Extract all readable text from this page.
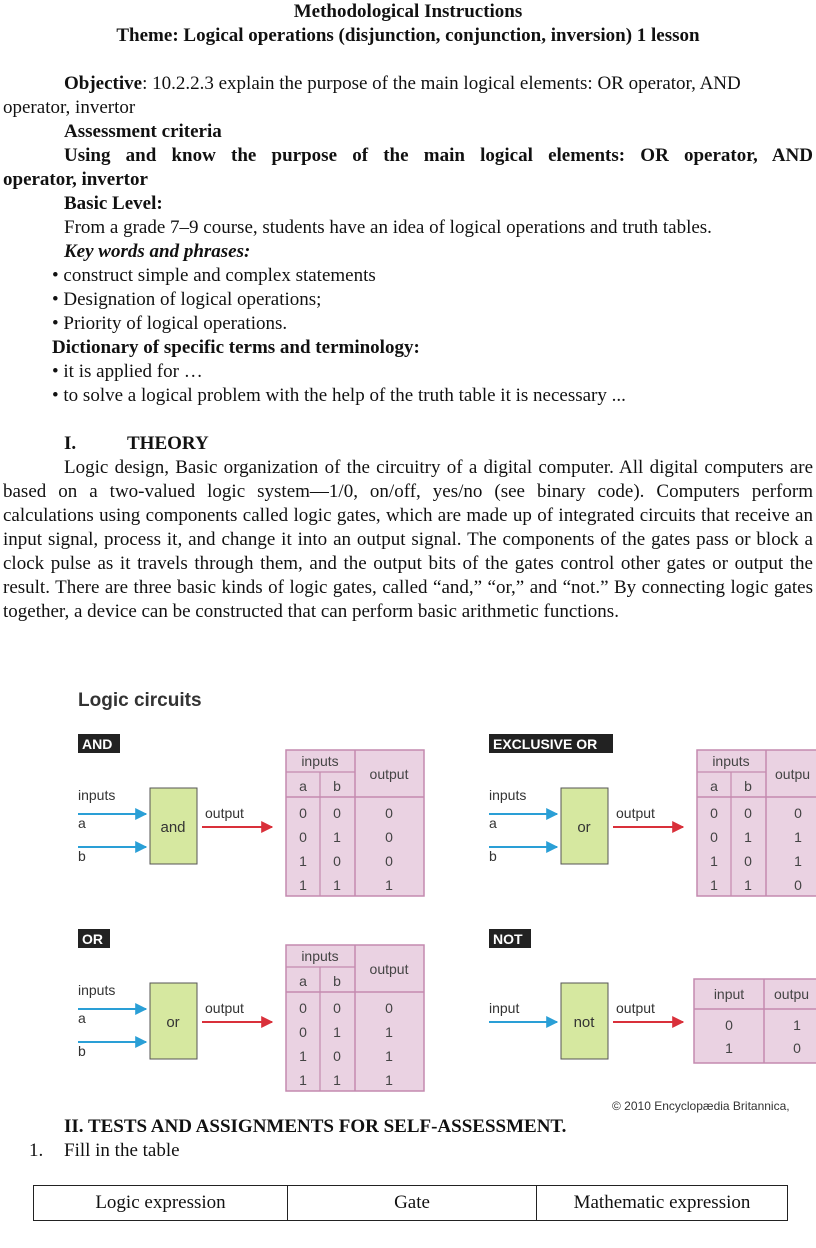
Methodological Instructions
Theme: Logical operations (disjunction, conjunction, inversion) 1 lesson
Objective: 10.2.2.3 explain the purpose of the main logical elements: OR operator, AND
operator, invertor
Assessment criteria
Using and know the purpose of the main logical elements: OR operator, AND
operator, invertor
Basic Level:
From a grade 7–9 course, students have an idea of logical operations and truth tables.
Key words and phrases:
• construct simple and complex statements
• Designation of logical operations;
• Priority of logical operations.
Dictionary of specific terms and terminology:
• it is applied for …
• to solve a logical problem with the help of the truth table it is necessary ...
I.	THEORY
Logic design, Basic organization of the circuitry of a digital computer. All digital computers are based on a two-valued logic system—1/0, on/off, yes/no (see binary code). Computers perform calculations using components called logic gates, which are made up of integrated circuits that receive an input signal, process it, and change it into an output signal. The components of the gates pass or block a clock pulse as it travels through them, and the output bits of the gates control other gates or output the result. There are three basic kinds of logic gates, called “and,” “or,” and “not.” By connecting logic gates together, a device can be constructed that can perform basic arithmetic functions.
Logic circuits
AND
inputs
a
b
and
output
inputs
output
a b
0 0	0
0 1	0
1 0	0
1 1	1
EXCLUSIVE OR
inputs
a
b
or
output
inputs
outpu
a b
0 0	0
0 1	1
1 0	1
1 1	0
OR
inputs
a
b
or
output
inputs
output
a b
0 0	0
0 1	1
1 0	1
1 1	1
NOT
input
not
output
input outpu
0	1
1	0
© 2010 Encyclopædia Britannica,
II. TESTS AND ASSIGNMENTS FOR SELF-ASSESSMENT.
1. Fill in the table
Logic expression	Gate	Mathematic expression
